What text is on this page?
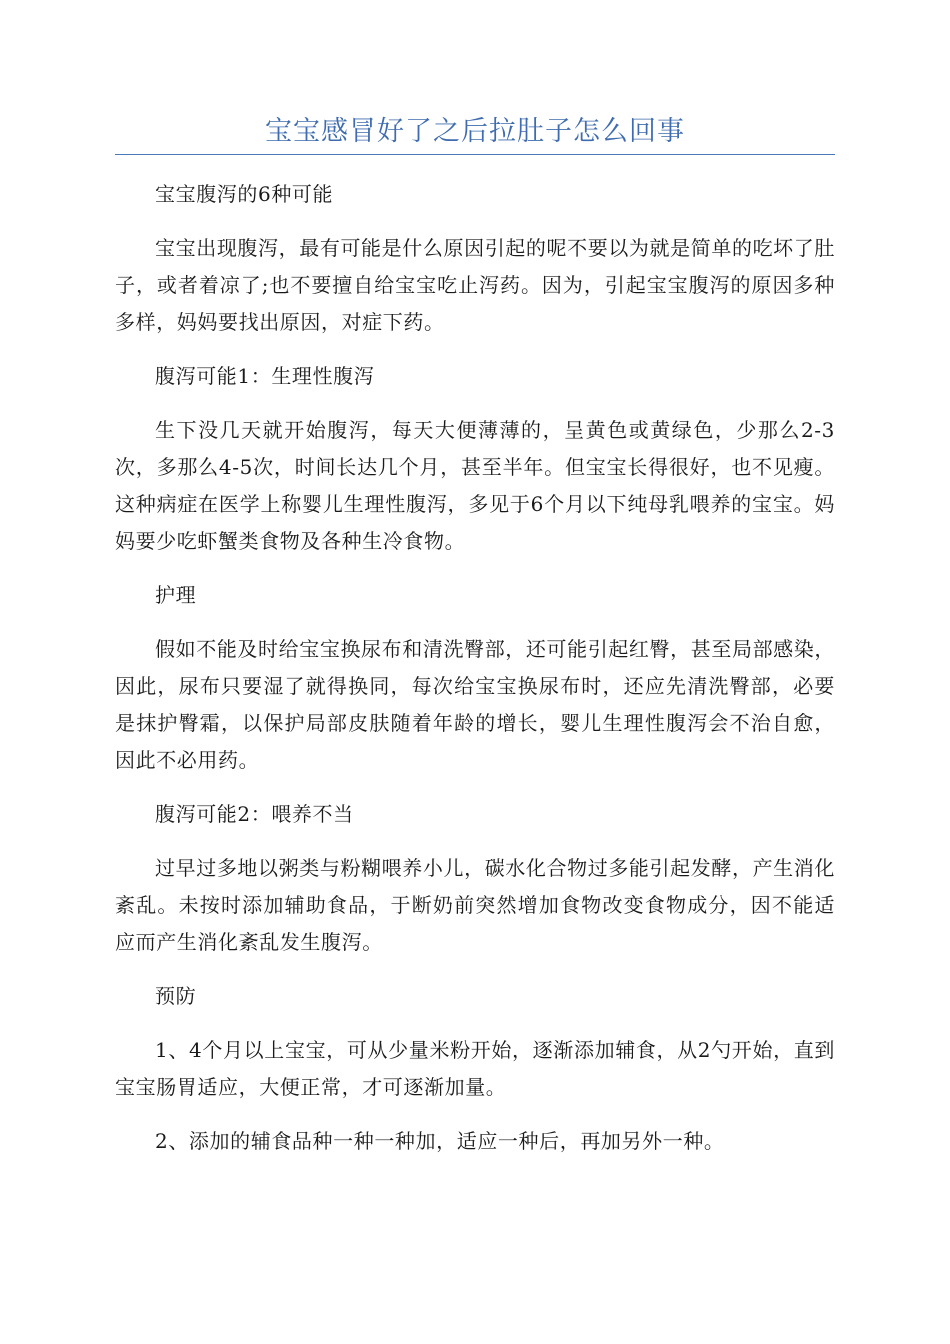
宝宝感冒好了之后拉肚子怎么回事

宝宝腹泻的6种可能

宝宝出现腹泻，最有可能是什么原因引起的呢不要以为就是简单的吃坏了肚子，或者着凉了;也不要擅自给宝宝吃止泻药。因为，引起宝宝腹泻的原因多种多样，妈妈要找出原因，对症下药。

腹泻可能1：生理性腹泻

生下没几天就开始腹泻，每天大便薄薄的，呈黄色或黄绿色，少那么2-3次，多那么4-5次，时间长达几个月，甚至半年。但宝宝长得很好，也不见瘦。这种病症在医学上称婴儿生理性腹泻，多见于6个月以下纯母乳喂养的宝宝。妈妈要少吃虾蟹类食物及各种生冷食物。

护理

假如不能及时给宝宝换尿布和清洗臀部，还可能引起红臀，甚至局部感染，因此，尿布只要湿了就得换同，每次给宝宝换尿布时，还应先清洗臀部，必要是抹护臀霜，以保护局部皮肤随着年龄的增长，婴儿生理性腹泻会不治自愈，因此不必用药。

腹泻可能2：喂养不当

过早过多地以粥类与粉糊喂养小儿，碳水化合物过多能引起发酵，产生消化紊乱。未按时添加辅助食品，于断奶前突然增加食物改变食物成分，因不能适应而产生消化紊乱发生腹泻。

预防

1、4个月以上宝宝，可从少量米粉开始，逐渐添加辅食，从2勺开始，直到宝宝肠胃适应，大便正常，才可逐渐加量。

2、添加的辅食品种一种一种加，适应一种后，再加另外一种。
